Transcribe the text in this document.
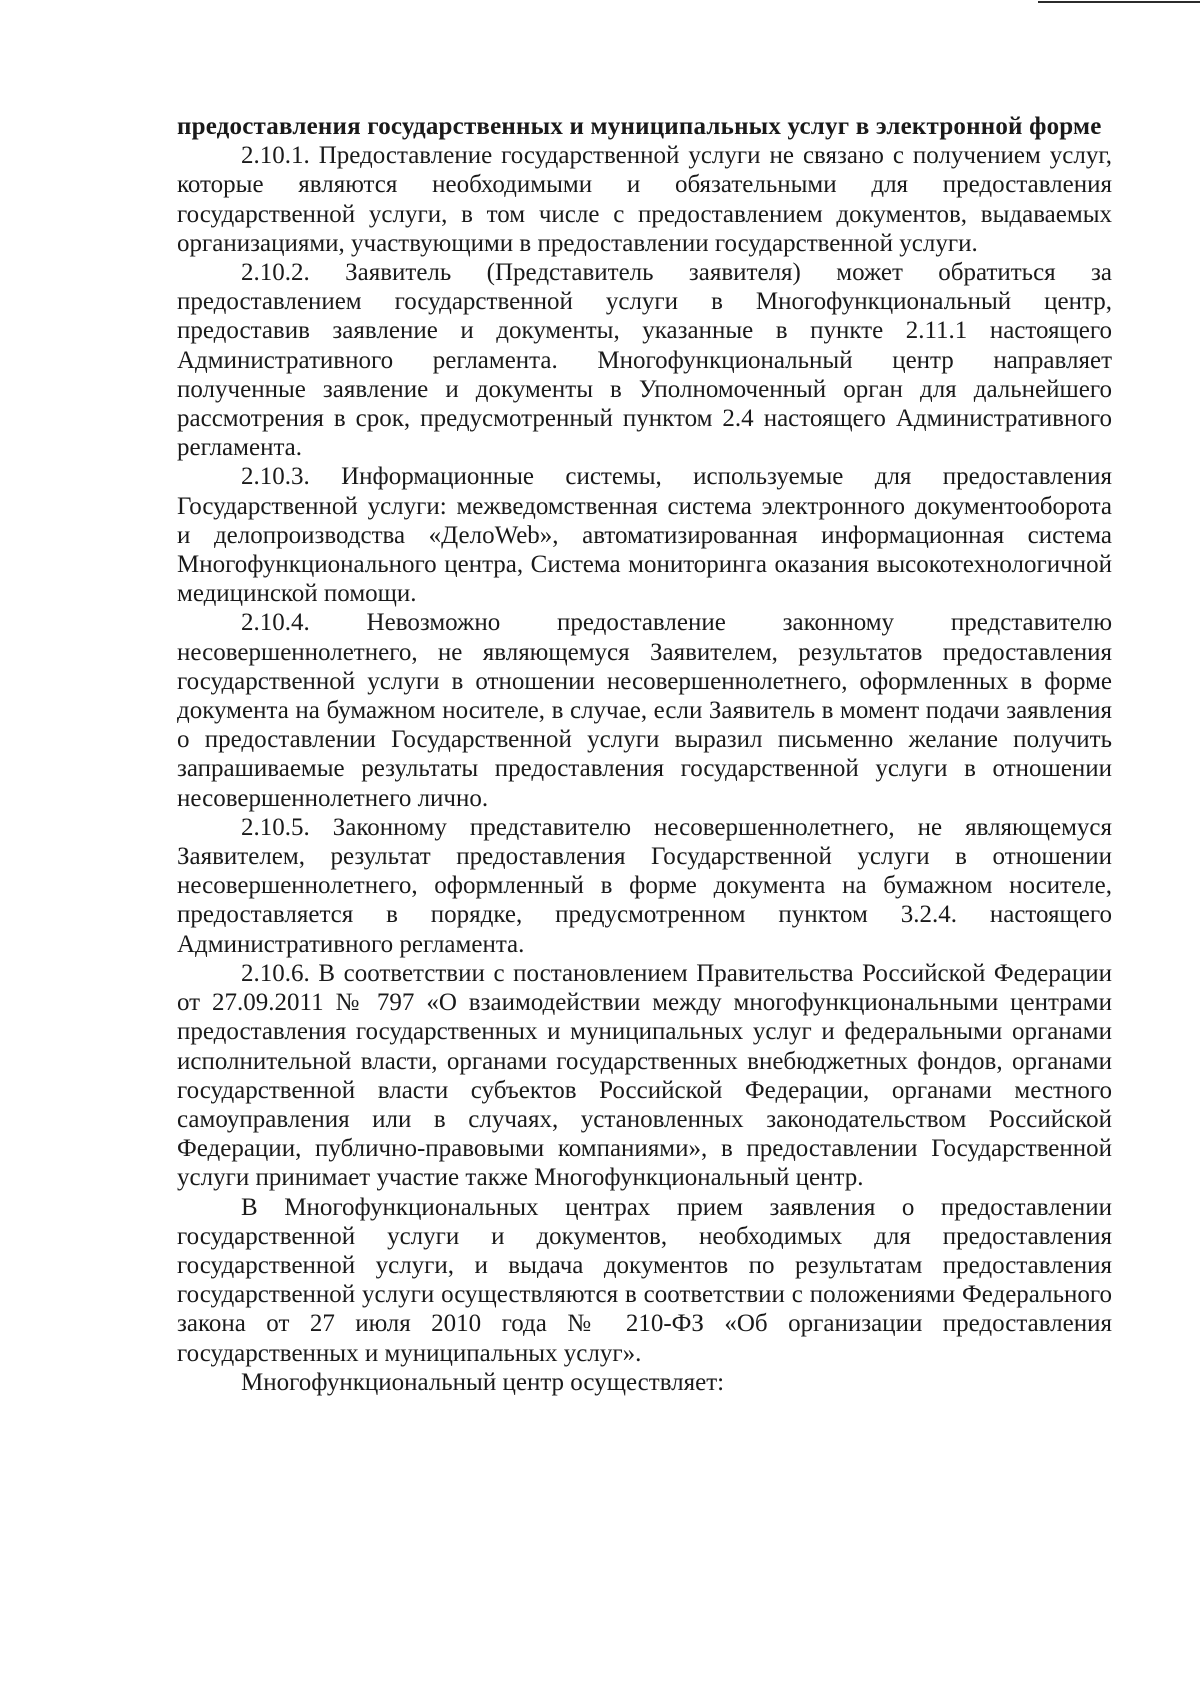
предоставления государственных и муниципальных услуг в электронной форме

2.10.1. Предоставление государственной услуги не связано с получением услуг, которые являются необходимыми и обязательными для предоставления государственной услуги, в том числе с предоставлением документов, выдаваемых организациями, участвующими в предоставлении государственной услуги.

2.10.2. Заявитель (Представитель заявителя) может обратиться за предоставлением государственной услуги в Многофункциональный центр, предоставив заявление и документы, указанные в пункте 2.11.1 настоящего Административного регламента. Многофункциональный центр направляет полученные заявление и документы в Уполномоченный орган для дальнейшего рассмотрения в срок, предусмотренный пунктом 2.4 настоящего Административного регламента.

2.10.3. Информационные системы, используемые для предоставления Государственной услуги: межведомственная система электронного документооборота и делопроизводства «ДелоWeb», автоматизированная информационная система Многофункционального центра, Система мониторинга оказания высокотехнологичной медицинской помощи.

2.10.4. Невозможно предоставление законному представителю несовершеннолетнего, не являющемуся Заявителем, результатов предоставления государственной услуги в отношении несовершеннолетнего, оформленных в форме документа на бумажном носителе, в случае, если Заявитель в момент подачи заявления о предоставлении Государственной услуги выразил письменно желание получить запрашиваемые результаты предоставления государственной услуги в отношении несовершеннолетнего лично.

2.10.5. Законному представителю несовершеннолетнего, не являющемуся Заявителем, результат предоставления Государственной услуги в отношении несовершеннолетнего, оформленный в форме документа на бумажном носителе, предоставляется в порядке, предусмотренном пунктом 3.2.4. настоящего Административного регламента.

2.10.6. В соответствии с постановлением Правительства Российской Федерации от 27.09.2011 № 797 «О взаимодействии между многофункциональными центрами предоставления государственных и муниципальных услуг и федеральными органами исполнительной власти, органами государственных внебюджетных фондов, органами государственной власти субъектов Российской Федерации, органами местного самоуправления или в случаях, установленных законодательством Российской Федерации, публично-правовыми компаниями», в предоставлении Государственной услуги принимает участие также Многофункциональный центр.

В Многофункциональных центрах прием заявления о предоставлении государственной услуги и документов, необходимых для предоставления государственной услуги, и выдача документов по результатам предоставления государственной услуги осуществляются в соответствии с положениями Федерального закона от 27 июля 2010 года № 210-ФЗ «Об организации предоставления государственных и муниципальных услуг».

Многофункциональный центр осуществляет:
